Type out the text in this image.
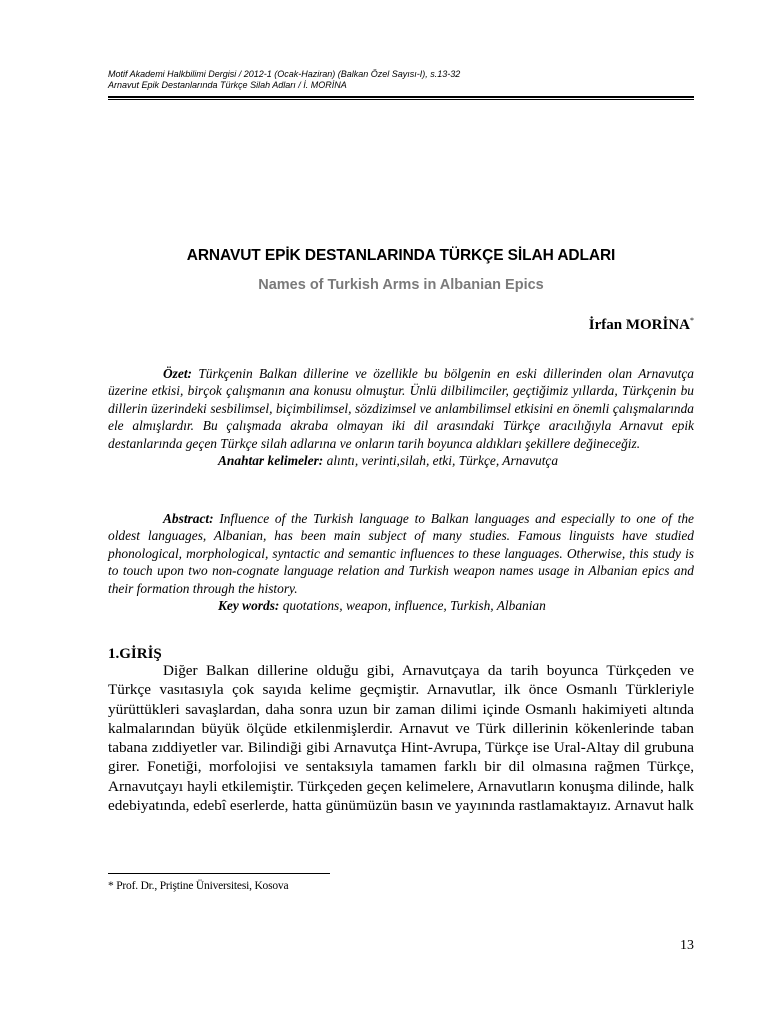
Motif Akademi Halkbilimi Dergisi / 2012-1 (Ocak-Haziran) (Balkan Özel Sayısı-I), s.13-32
Arnavut Epik Destanlarında Türkçe Silah Adları / İ. MORİNA
ARNAVUT EPİK DESTANLARINDA TÜRKÇE SİLAH ADLARI
Names of Turkish Arms in Albanian Epics
İrfan MORİNA*

Özet: Türkçenin Balkan dillerine ve özellikle bu bölgenin en eski dillerinden olan Arnavutça üzerine etkisi, birçok çalışmanın ana konusu olmuştur. Ünlü dilbilimciler, geçtiğimiz yıllarda, Türkçenin bu dillerin üzerindeki sesbilimsel, biçimbilimsel, sözdizimsel ve anlambilimsel etkisini en önemli çalışmalarında ele almışlardır. Bu çalışmada akraba olmayan iki dil arasındaki Türkçe aracılığıyla Arnavut epik destanlarında geçen Türkçe silah adlarına ve onların tarih boyunca aldıkları şekillere değineceğiz.

Anahtar kelimeler: alıntı, verinti,silah, etki, Türkçe, Arnavutça

Abstract: Influence of the Turkish language to Balkan languages and especially to one of the oldest languages, Albanian, has been main subject of many studies. Famous linguists have studied phonological, morphological, syntactic and semantic influences to these languages. Otherwise, this study is to touch upon two non-cognate language relation and Turkish weapon names usage in Albanian epics and their formation through the history.

Key words: quotations, weapon, influence, Turkish, Albanian

1.GİRİŞ

Diğer Balkan dillerine olduğu gibi, Arnavutçaya da tarih boyunca Türkçeden ve Türkçe vasıtasıyla çok sayıda kelime geçmiştir. Arnavutlar, ilk önce Osmanlı Türkleriyle yürüttükleri savaşlardan, daha sonra uzun bir zaman dilimi içinde Osmanlı hakimiyeti altında kalmalarından büyük ölçüde etkilenmişlerdir. Arnavut ve Türk dillerinin kökenlerinde taban tabana zıddiyetler var. Bilindiği gibi Arnavutça Hint-Avrupa, Türkçe ise Ural-Altay dil grubuna girer. Fonetiği, morfolojisi ve sentaksıyla tamamen farklı bir dil olmasına rağmen Türkçe, Arnavutçayı hayli etkilemiştir. Türkçeden geçen kelimelere, Arnavutların konuşma dilinde, halk edebiyatında, edebî eserlerde, hatta günümüzün basın ve yayınında rastlamaktayız. Arnavut halk

* Prof. Dr., Priştine Üniversitesi, Kosova
13
